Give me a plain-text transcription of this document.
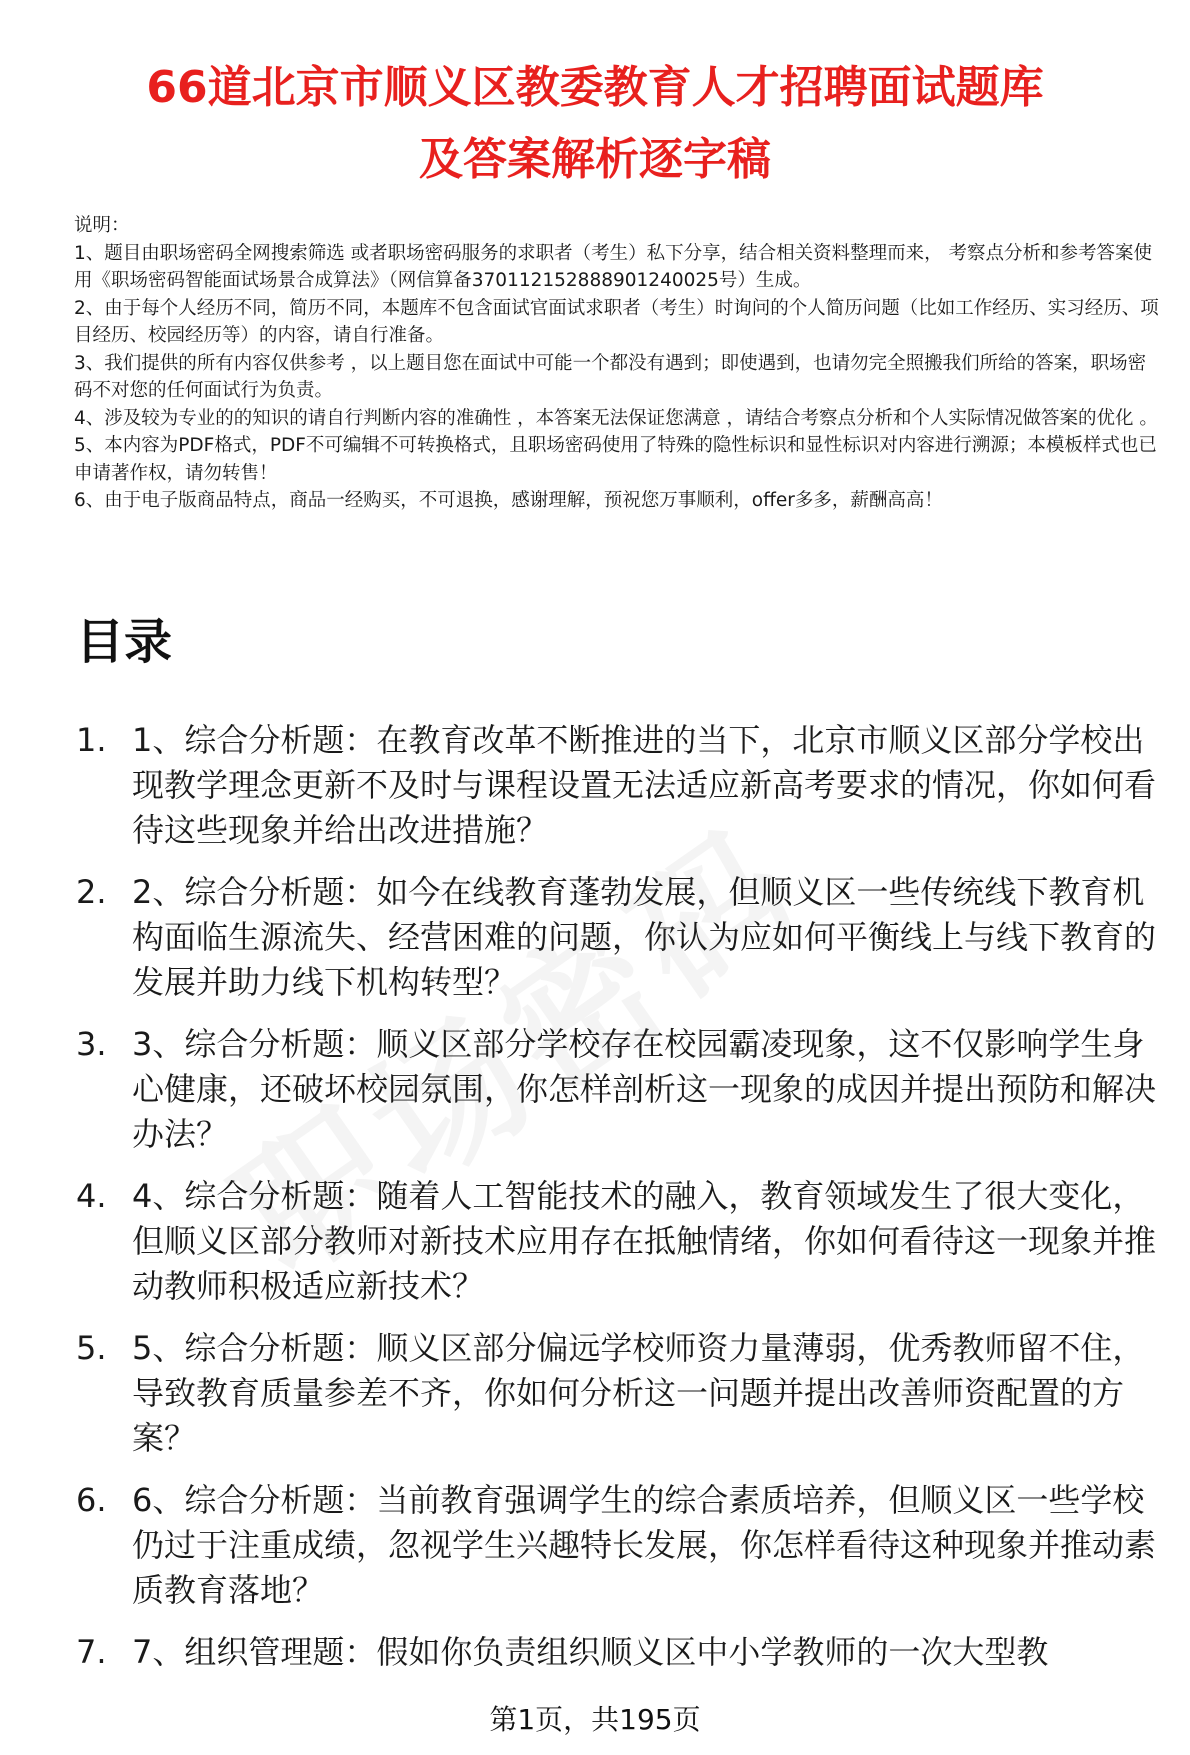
66道北京市顺义区教委教育人才招聘面试题库
及答案解析逐字稿
说明：
1、题目由职场密码全网搜索筛选 或者职场密码服务的求职者（考生）私下分享，结合相关资料整理而来， 考察点分析和参考答案使用《职场密码智能面试场景合成算法》（网信算备370112152888901240025号）生成。
2、由于每个人经历不同，简历不同，本题库不包含面试官面试求职者（考生）时询问的个人简历问题（比如工作经历、实习经历、项目经历、校园经历等）的内容，请自行准备。
3、我们提供的所有内容仅供参考 ，以上题目您在面试中可能一个都没有遇到；即使遇到，也请勿完全照搬我们所给的答案，职场密码不对您的任何面试行为负责。
4、涉及较为专业的的知识的请自行判断内容的准确性 ，本答案无法保证您满意 ，请结合考察点分析和个人实际情况做答案的优化 。
5、本内容为PDF格式，PDF不可编辑不可转换格式，且职场密码使用了特殊的隐性标识和显性标识对内容进行溯源；本模板样式也已申请著作权，请勿转售！
6、由于电子版商品特点，商品一经购买，不可退换，感谢理解，预祝您万事顺利，offer多多，薪酬高高！
目录
1. 1、综合分析题：在教育改革不断推进的当下，北京市顺义区部分学校出现教学理念更新不及时与课程设置无法适应新高考要求的情况，你如何看待这些现象并给出改进措施？
2. 2、综合分析题：如今在线教育蓬勃发展，但顺义区一些传统线下教育机构面临生源流失、经营困难的问题，你认为应如何平衡线上与线下教育的发展并助力线下机构转型？
3. 3、综合分析题：顺义区部分学校存在校园霸凌现象，这不仅影响学生身心健康，还破坏校园氛围，你怎样剖析这一现象的成因并提出预防和解决办法？
4. 4、综合分析题：随着人工智能技术的融入，教育领域发生了很大变化，但顺义区部分教师对新技术应用存在抵触情绪，你如何看待这一现象并推动教师积极适应新技术？
5. 5、综合分析题：顺义区部分偏远学校师资力量薄弱，优秀教师留不住，导致教育质量参差不齐，你如何分析这一问题并提出改善师资配置的方案？
6. 6、综合分析题：当前教育强调学生的综合素质培养，但顺义区一些学校仍过于注重成绩，忽视学生兴趣特长发展，你怎样看待这种现象并推动素质教育落地？
7. 7、组织管理题：假如你负责组织顺义区中小学教师的一次大型教
第1页，共195页
